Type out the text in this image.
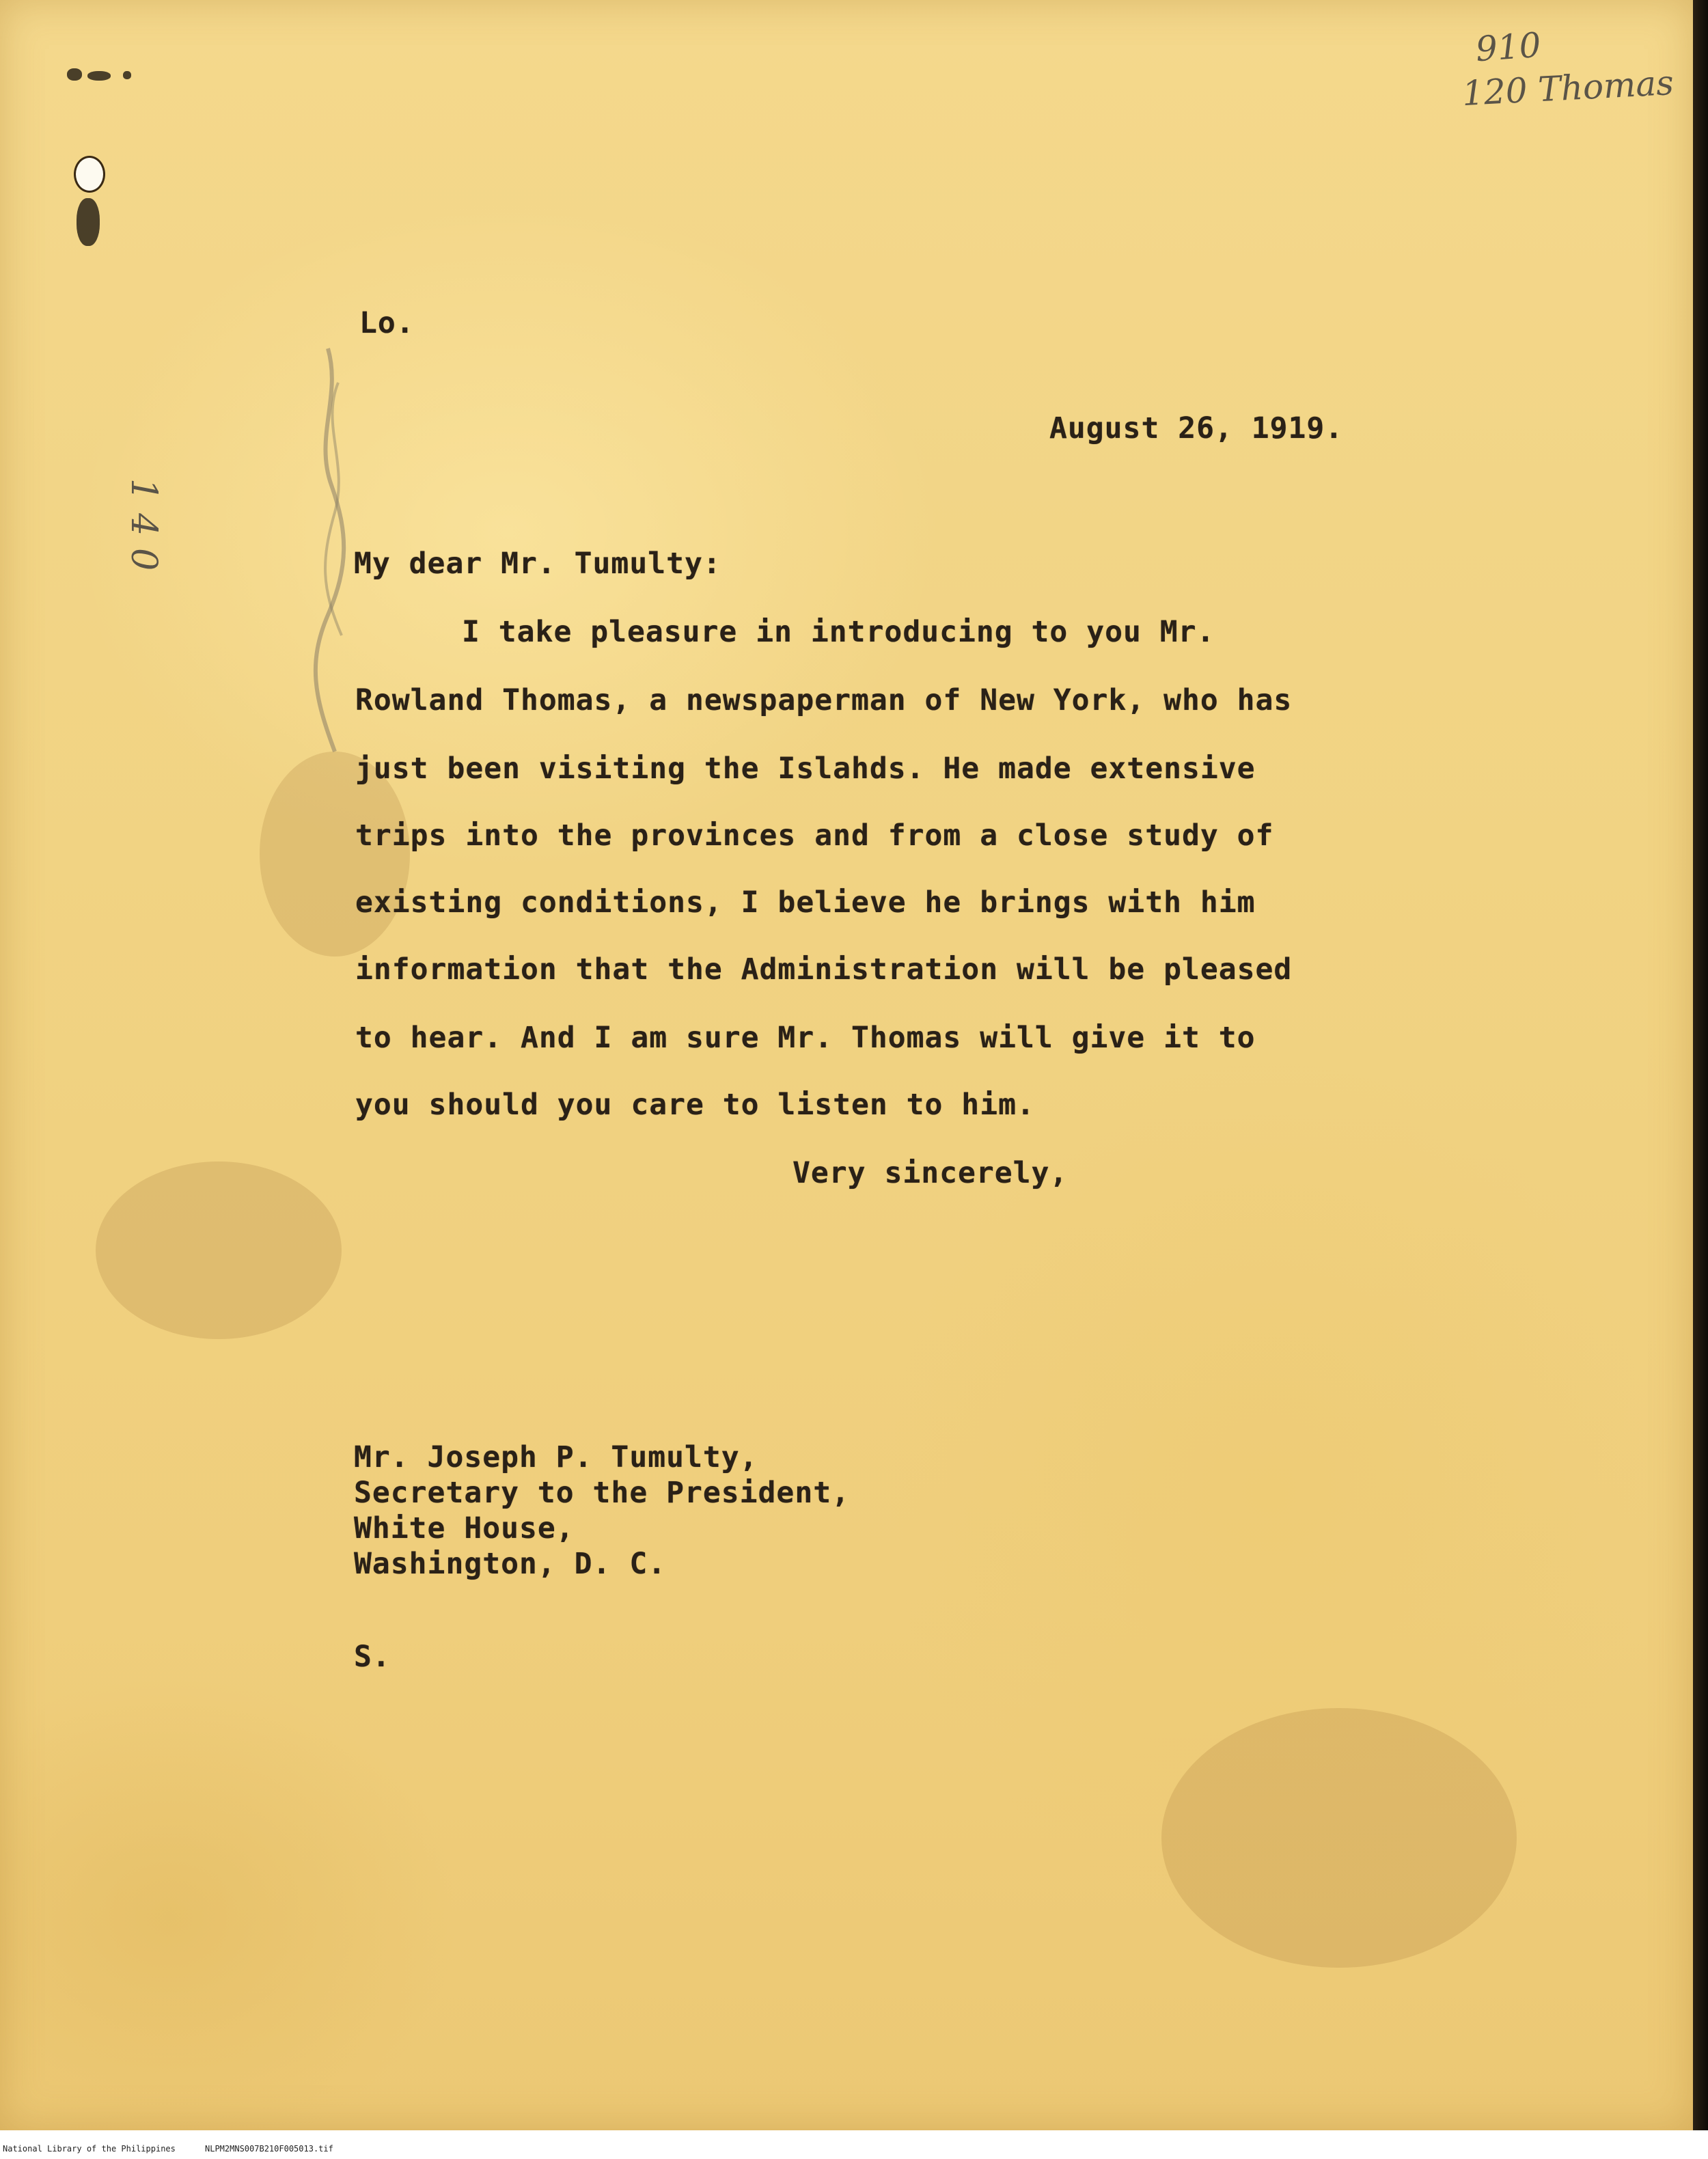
910
120 Thomas
140
Lo.
August 26, 1919.
My dear Mr. Tumulty:
I take pleasure in introducing to you Mr.
Rowland Thomas, a newspaperman of New York, who has
just been visiting the Islahds. He made extensive
trips into the provinces and from a close study of
existing conditions, I believe he brings with him
information that the Administration will be pleased
to hear. And I am sure Mr. Thomas will give it to
you should you care to listen to him.
Very sincerely,
Mr. Joseph P. Tumulty,
Secretary to the President,
White House,
Washington, D. C.
S.
National Library of the Philippines	NLPM2MNS007B210F005013.tif
